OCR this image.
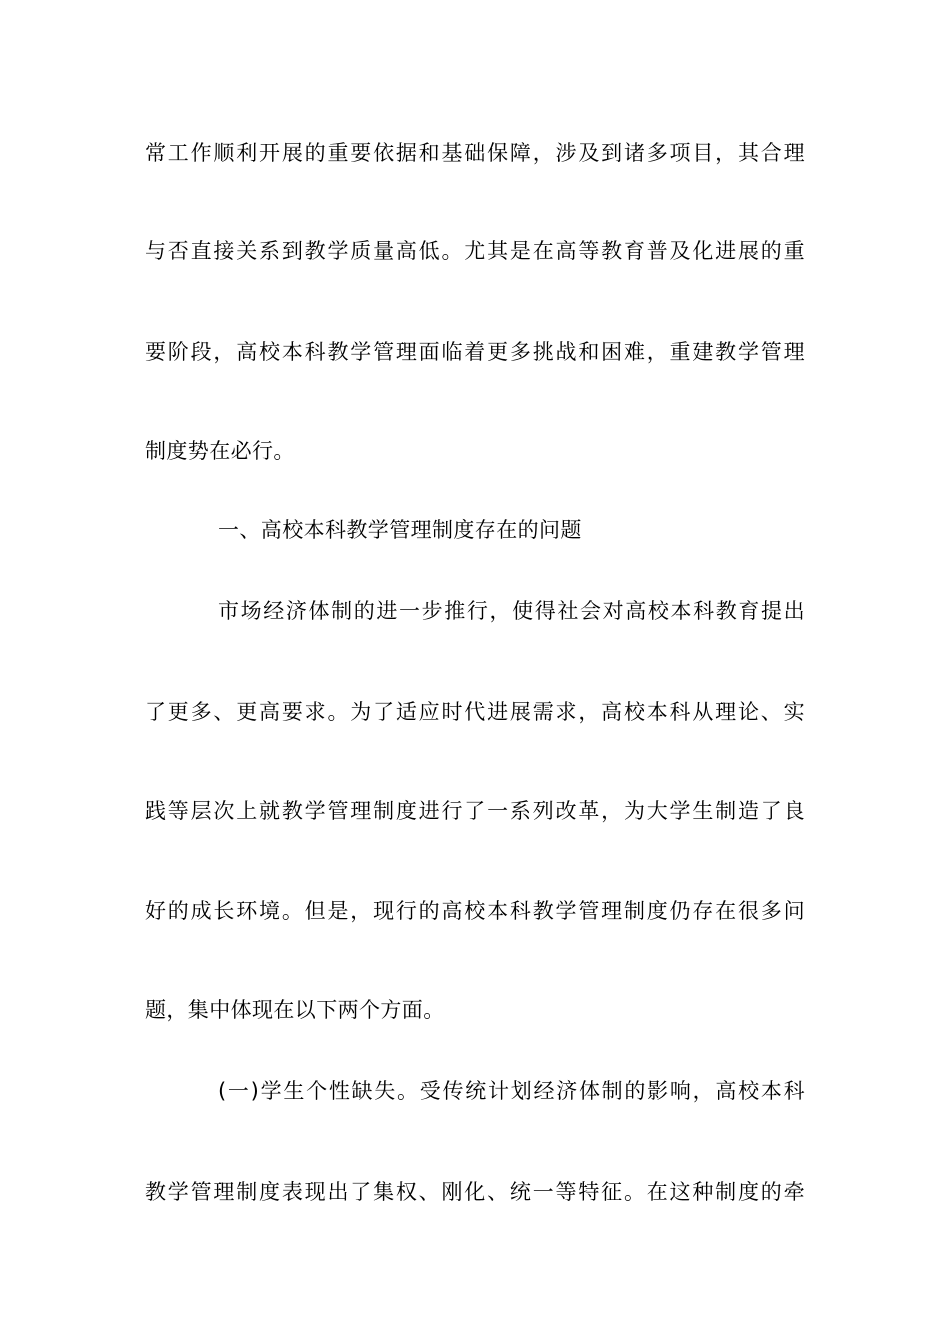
常工作顺利开展的重要依据和基础保障，涉及到诸多项目，其合理
与否直接关系到教学质量高低。尤其是在高等教育普及化进展的重
要阶段，高校本科教学管理面临着更多挑战和困难，重建教学管理
制度势在必行。
一、高校本科教学管理制度存在的问题
市场经济体制的进一步推行，使得社会对高校本科教育提出
了更多、更高要求。为了适应时代进展需求，高校本科从理论、实
践等层次上就教学管理制度进行了一系列改革，为大学生制造了良
好的成长环境。但是，现行的高校本科教学管理制度仍存在很多问
题，集中体现在以下两个方面。
(一)学生个性缺失。受传统计划经济体制的影响，高校本科
教学管理制度表现出了集权、刚化、统一等特征。在这种制度的牵
